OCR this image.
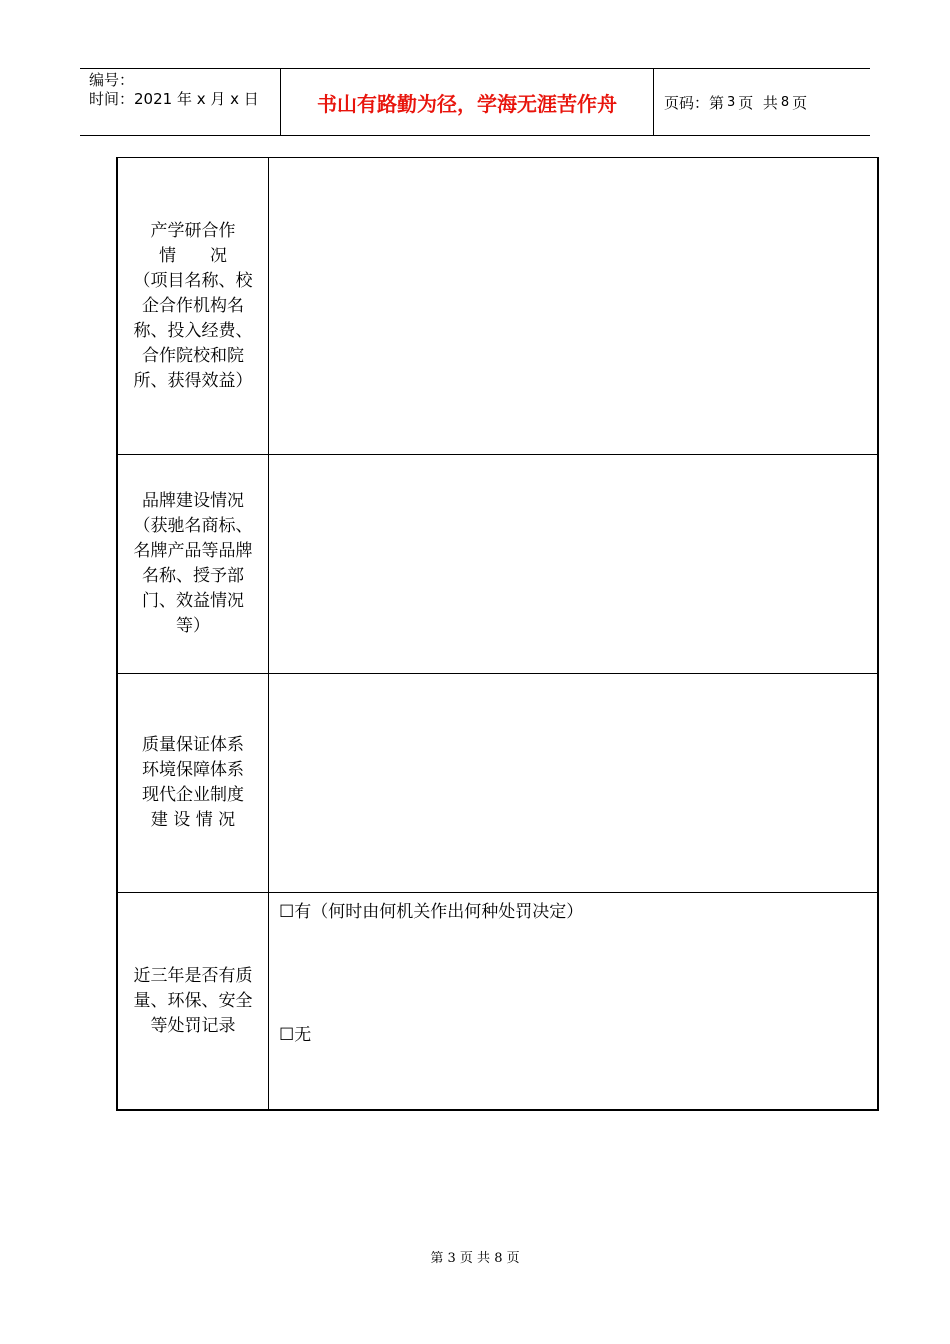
编号：
时间：2021 年 x 月 x 日	书山有路勤为径，学海无涯苦作舟	页码：第 3 页  共 8 页
产学研合作
情　　况
（项目名称、校
企合作机构名
称、投入经费、
合作院校和院
所、获得效益）
品牌建设情况
（获驰名商标、
名牌产品等品牌
名称、授予部
门、效益情况
等）
质量保证体系
环境保障体系
现代企业制度
建 设 情 况
近三年是否有质
量、环保、安全
等处罚记录
☐有（何时由何机关作出何种处罚决定）
☐无
第 3 页 共 8 页
